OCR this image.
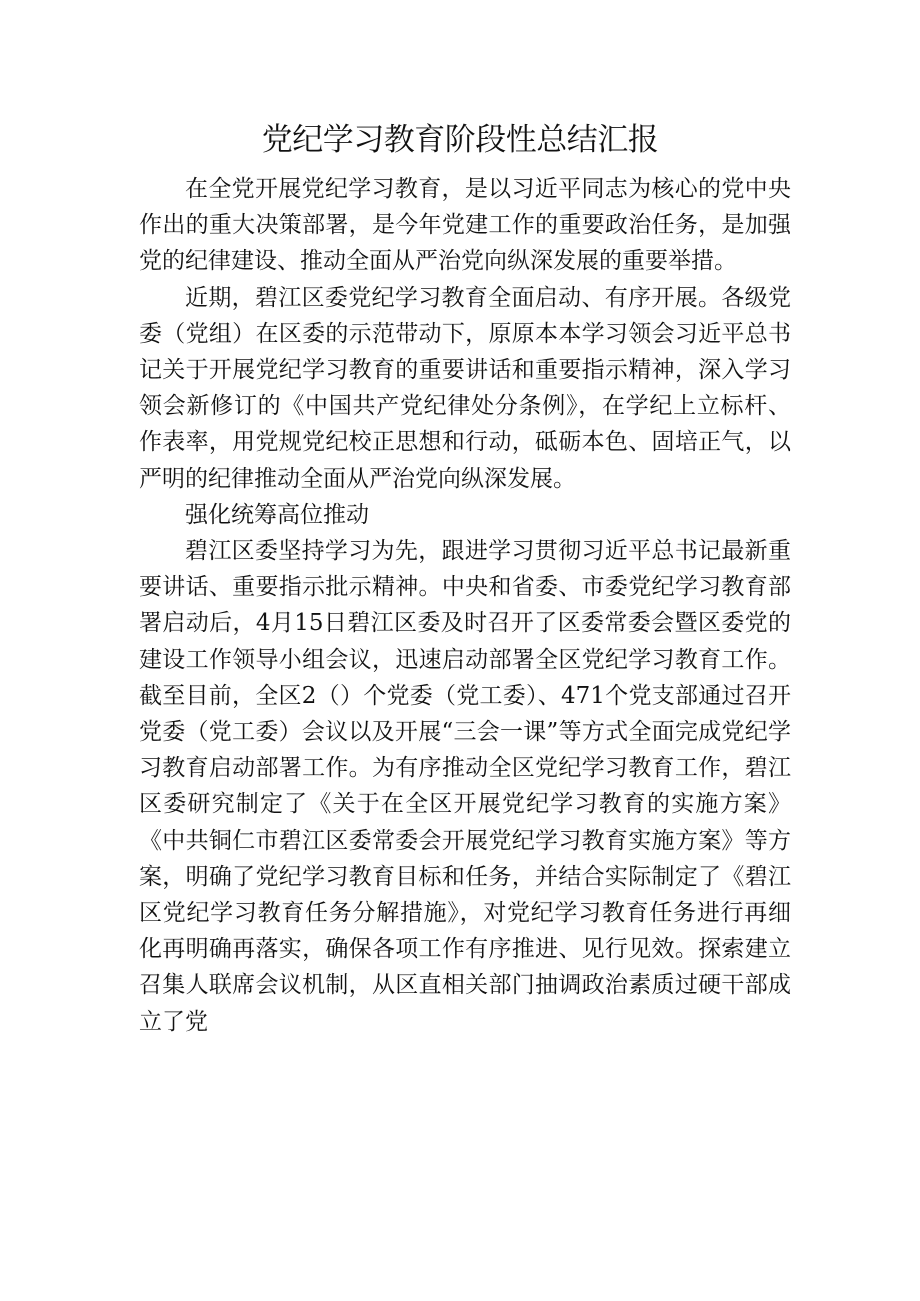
党纪学习教育阶段性总结汇报

在全党开展党纪学习教育，是以习近平同志为核心的党中央作出的重大决策部署，是今年党建工作的重要政治任务，是加强党的纪律建设、推动全面从严治党向纵深发展的重要举措。

近期，碧江区委党纪学习教育全面启动、有序开展。各级党委（党组）在区委的示范带动下，原原本本学习领会习近平总书记关于开展党纪学习教育的重要讲话和重要指示精神，深入学习领会新修订的《中国共产党纪律处分条例》，在学纪上立标杆、作表率，用党规党纪校正思想和行动，砥砺本色、固培正气，以严明的纪律推动全面从严治党向纵深发展。

强化统筹高位推动

碧江区委坚持学习为先，跟进学习贯彻习近平总书记最新重要讲话、重要指示批示精神。中央和省委、市委党纪学习教育部署启动后，4月15日碧江区委及时召开了区委常委会暨区委党的建设工作领导小组会议，迅速启动部署全区党纪学习教育工作。截至目前，全区2（）个党委（党工委）、471个党支部通过召开党委（党工委）会议以及开展“三会一课”等方式全面完成党纪学习教育启动部署工作。为有序推动全区党纪学习教育工作，碧江区委研究制定了《关于在全区开展党纪学习教育的实施方案》《中共铜仁市碧江区委常委会开展党纪学习教育实施方案》等方案，明确了党纪学习教育目标和任务，并结合实际制定了《碧江区党纪学习教育任务分解措施》，对党纪学习教育任务进行再细化再明确再落实，确保各项工作有序推进、见行见效。探索建立召集人联席会议机制，从区直相关部门抽调政治素质过硬干部成立了党
